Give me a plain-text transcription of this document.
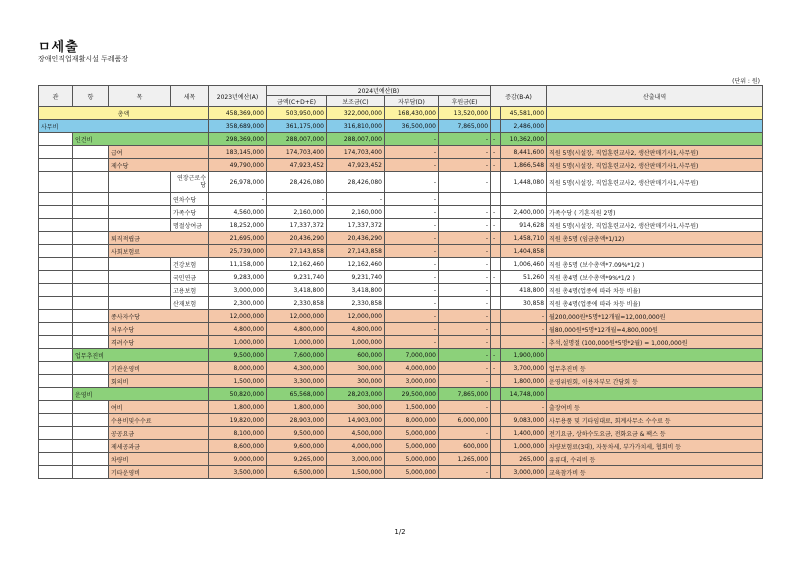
ㅁ세출
장애인직업재활시설 두레품장
(단위 : 원)
관	항	목	세목	2023년예산(A)	2024년예산(B)				증감(B-A)		산출내역
					금액(C+D+E)	보조금(C)	자부담(D)	후원금(E)			
총액				458,369,000	503,950,000	322,000,000	168,430,000	13,520,000		45,581,000	
사무비				358,689,000	361,175,000	316,810,000	36,500,000	7,865,000		2,486,000	
	인건비			298,369,000	288,007,000	288,007,000	-	-	-	10,362,000	
		급여		183,145,000	174,703,400	174,703,400	-	-	-	8,441,600	직원 5명(시설장, 직업훈련교사2, 생산판매기사1,사무원)
		제수당		49,790,000	47,923,452	47,923,452	-	-	-	1,866,548	직원 5명(시설장, 직업훈련교사2, 생산판매기사1,사무원)
			연장근로수당	26,978,000	28,426,080	28,426,080	-	-		1,448,080	직원 5명(시설장, 직업훈련교사2, 생산판매기사1,사무원)
			연차수당	-	-	-	-				
			가족수당	4,560,000	2,160,000	2,160,000	-	-	-	2,400,000	가족수당 ( 기혼직원 2명)
			명절상여금	18,252,000	17,337,372	17,337,372	-	-	-	914,628	직원 5명(시설장, 직업훈련교사2, 생산판매기사1,사무원)
		퇴직적립금		21,695,000	20,436,290	20,436,290	-	-	-	1,458,710	직원 총5명 (임금총액*1/12)
		사회보험료		25,739,000	27,143,858	27,143,858	-	-		1,404,858	
			건강보험	11,158,000	12,162,460	12,162,460	-	-		1,006,460	직원 총5명 (보수총액*7.09%*1/2 )
			국민연금	9,283,000	9,231,740	9,231,740	-	-	-	51,260	직원 총4명 (보수총액*9%*1/2 )
			고용보험	3,000,000	3,418,800	3,418,800	-	-		418,800	직원 총4명(업종에 따라 차등 비율)
			산재보험	2,300,000	2,330,858	2,330,858	-	-		30,858	직원 총4명(업종에 따라 차등 비율)
		종사자수당		12,000,000	12,000,000	12,000,000	-	-		-	월200,000원*5명*12개월=12,000,000원
		처우수당		4,800,000	4,800,000	4,800,000	-	-		-	월80,000원*5명*12개월=4,800,000원
		격려수당		1,000,000	1,000,000	1,000,000	-	-		-	추석,설명절 (100,000원*5명*2월) = 1,000,000원
	업무추진비			9,500,000	7,600,000	600,000	7,000,000	-	-	1,900,000	
		기관운영비		8,000,000	4,300,000	300,000	4,000,000	-	-	3,700,000	업무추진비 등
		회의비		1,500,000	3,300,000	300,000	3,000,000	-		1,800,000	운영위원회, 이용자부모 간담회 등
	운영비			50,820,000	65,568,000	28,203,000	29,500,000	7,865,000		14,748,000	
		여비		1,800,000	1,800,000	300,000	1,500,000	-		-	출장여비 등
		수용비및수수료		19,820,000	28,903,000	14,903,000	8,000,000	6,000,000		9,083,000	사무용품 및 기타임대료, 회계사무소 수수료 등
		공공요금		8,100,000	9,500,000	4,500,000	5,000,000	-		1,400,000	전기요금, 상하수도요금, 전화요금 & 팩스 등
		제세공과금		8,600,000	9,600,000	4,000,000	5,000,000	600,000		1,000,000	차량보험료(3대), 자동차세, 부가가치세, 협회비 등
		차량비		9,000,000	9,265,000	3,000,000	5,000,000	1,265,000		265,000	유류대, 수리비 등
		기타운영비		3,500,000	6,500,000	1,500,000	5,000,000	-		3,000,000	교육참가비 등
1/2
